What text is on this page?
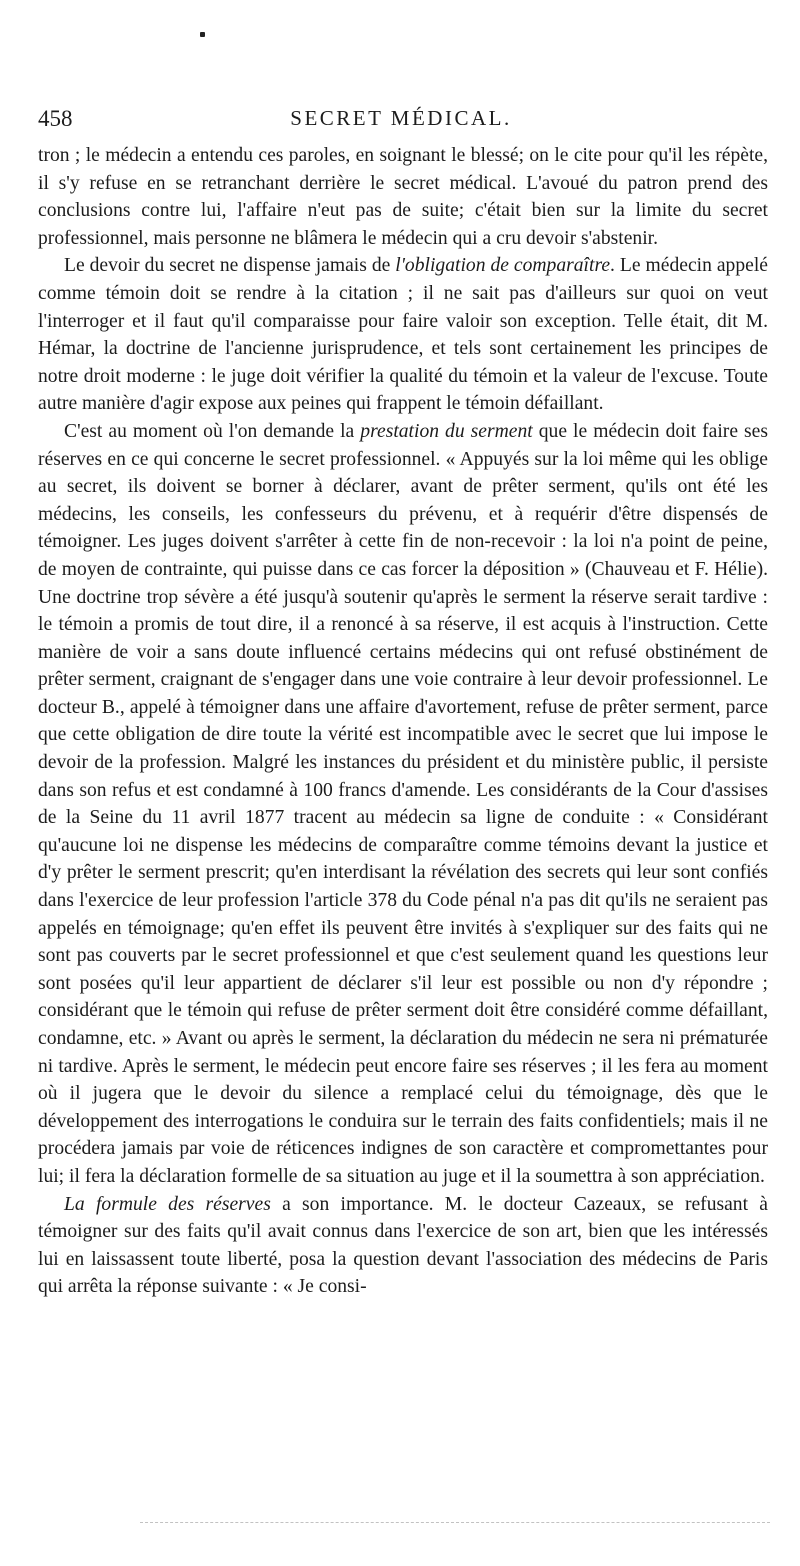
458	SECRET MÉDICAL.

tron ; le médecin a entendu ces paroles, en soignant le blessé; on le cite pour qu'il les répète, il s'y refuse en se retranchant derrière le secret médical. L'avoué du patron prend des conclusions contre lui, l'affaire n'eut pas de suite; c'était bien sur la limite du secret professionnel, mais personne ne blâmera le médecin qui a cru devoir s'abstenir.

Le devoir du secret ne dispense jamais de l'obligation de comparaître. Le médecin appelé comme témoin doit se rendre à la citation ; il ne sait pas d'ailleurs sur quoi on veut l'interroger et il faut qu'il comparaisse pour faire valoir son exception. Telle était, dit M. Hémar, la doctrine de l'ancienne jurisprudence, et tels sont certainement les principes de notre droit moderne : le juge doit vérifier la qualité du témoin et la valeur de l'excuse. Toute autre manière d'agir expose aux peines qui frappent le témoin défaillant.

C'est au moment où l'on demande la prestation du serment que le médecin doit faire ses réserves en ce qui concerne le secret professionnel. « Appuyés sur la loi même qui les oblige au secret, ils doivent se borner à déclarer, avant de prêter serment, qu'ils ont été les médecins, les conseils, les confesseurs du prévenu, et à requérir d'être dispensés de témoigner. Les juges doivent s'arrêter à cette fin de non-recevoir : la loi n'a point de peine, de moyen de contrainte, qui puisse dans ce cas forcer la déposition » (Chauveau et F. Hélie). Une doctrine trop sévère a été jusqu'à soutenir qu'après le serment la réserve serait tardive : le témoin a promis de tout dire, il a renoncé à sa réserve, il est acquis à l'instruction. Cette manière de voir a sans doute influencé certains médecins qui ont refusé obstinément de prêter serment, craignant de s'engager dans une voie contraire à leur devoir professionnel. Le docteur B., appelé à témoigner dans une affaire d'avortement, refuse de prêter serment, parce que cette obligation de dire toute la vérité est incompatible avec le secret que lui impose le devoir de la profession. Malgré les instances du président et du ministère public, il persiste dans son refus et est condamné à 100 francs d'amende. Les considérants de la Cour d'assises de la Seine du 11 avril 1877 tracent au médecin sa ligne de conduite : « Considérant qu'aucune loi ne dispense les médecins de comparaître comme témoins devant la justice et d'y prêter le serment prescrit; qu'en interdisant la révélation des secrets qui leur sont confiés dans l'exercice de leur profession l'article 378 du Code pénal n'a pas dit qu'ils ne seraient pas appelés en témoignage; qu'en effet ils peuvent être invités à s'expliquer sur des faits qui ne sont pas couverts par le secret professionnel et que c'est seulement quand les questions leur sont posées qu'il leur appartient de déclarer s'il leur est possible ou non d'y répondre ; considérant que le témoin qui refuse de prêter serment doit être considéré comme défaillant, condamne, etc. » Avant ou après le serment, la déclaration du médecin ne sera ni prématurée ni tardive. Après le serment, le médecin peut encore faire ses réserves ; il les fera au moment où il jugera que le devoir du silence a remplacé celui du témoignage, dès que le développement des interrogations le conduira sur le terrain des faits confidentiels; mais il ne procédera jamais par voie de réticences indignes de son caractère et compromettantes pour lui; il fera la déclaration formelle de sa situation au juge et il la soumettra à son appréciation.

La formule des réserves a son importance. M. le docteur Cazeaux, se refusant à témoigner sur des faits qu'il avait connus dans l'exercice de son art, bien que les intéressés lui en laissassent toute liberté, posa la question devant l'association des médecins de Paris qui arrêta la réponse suivante : « Je consi-
